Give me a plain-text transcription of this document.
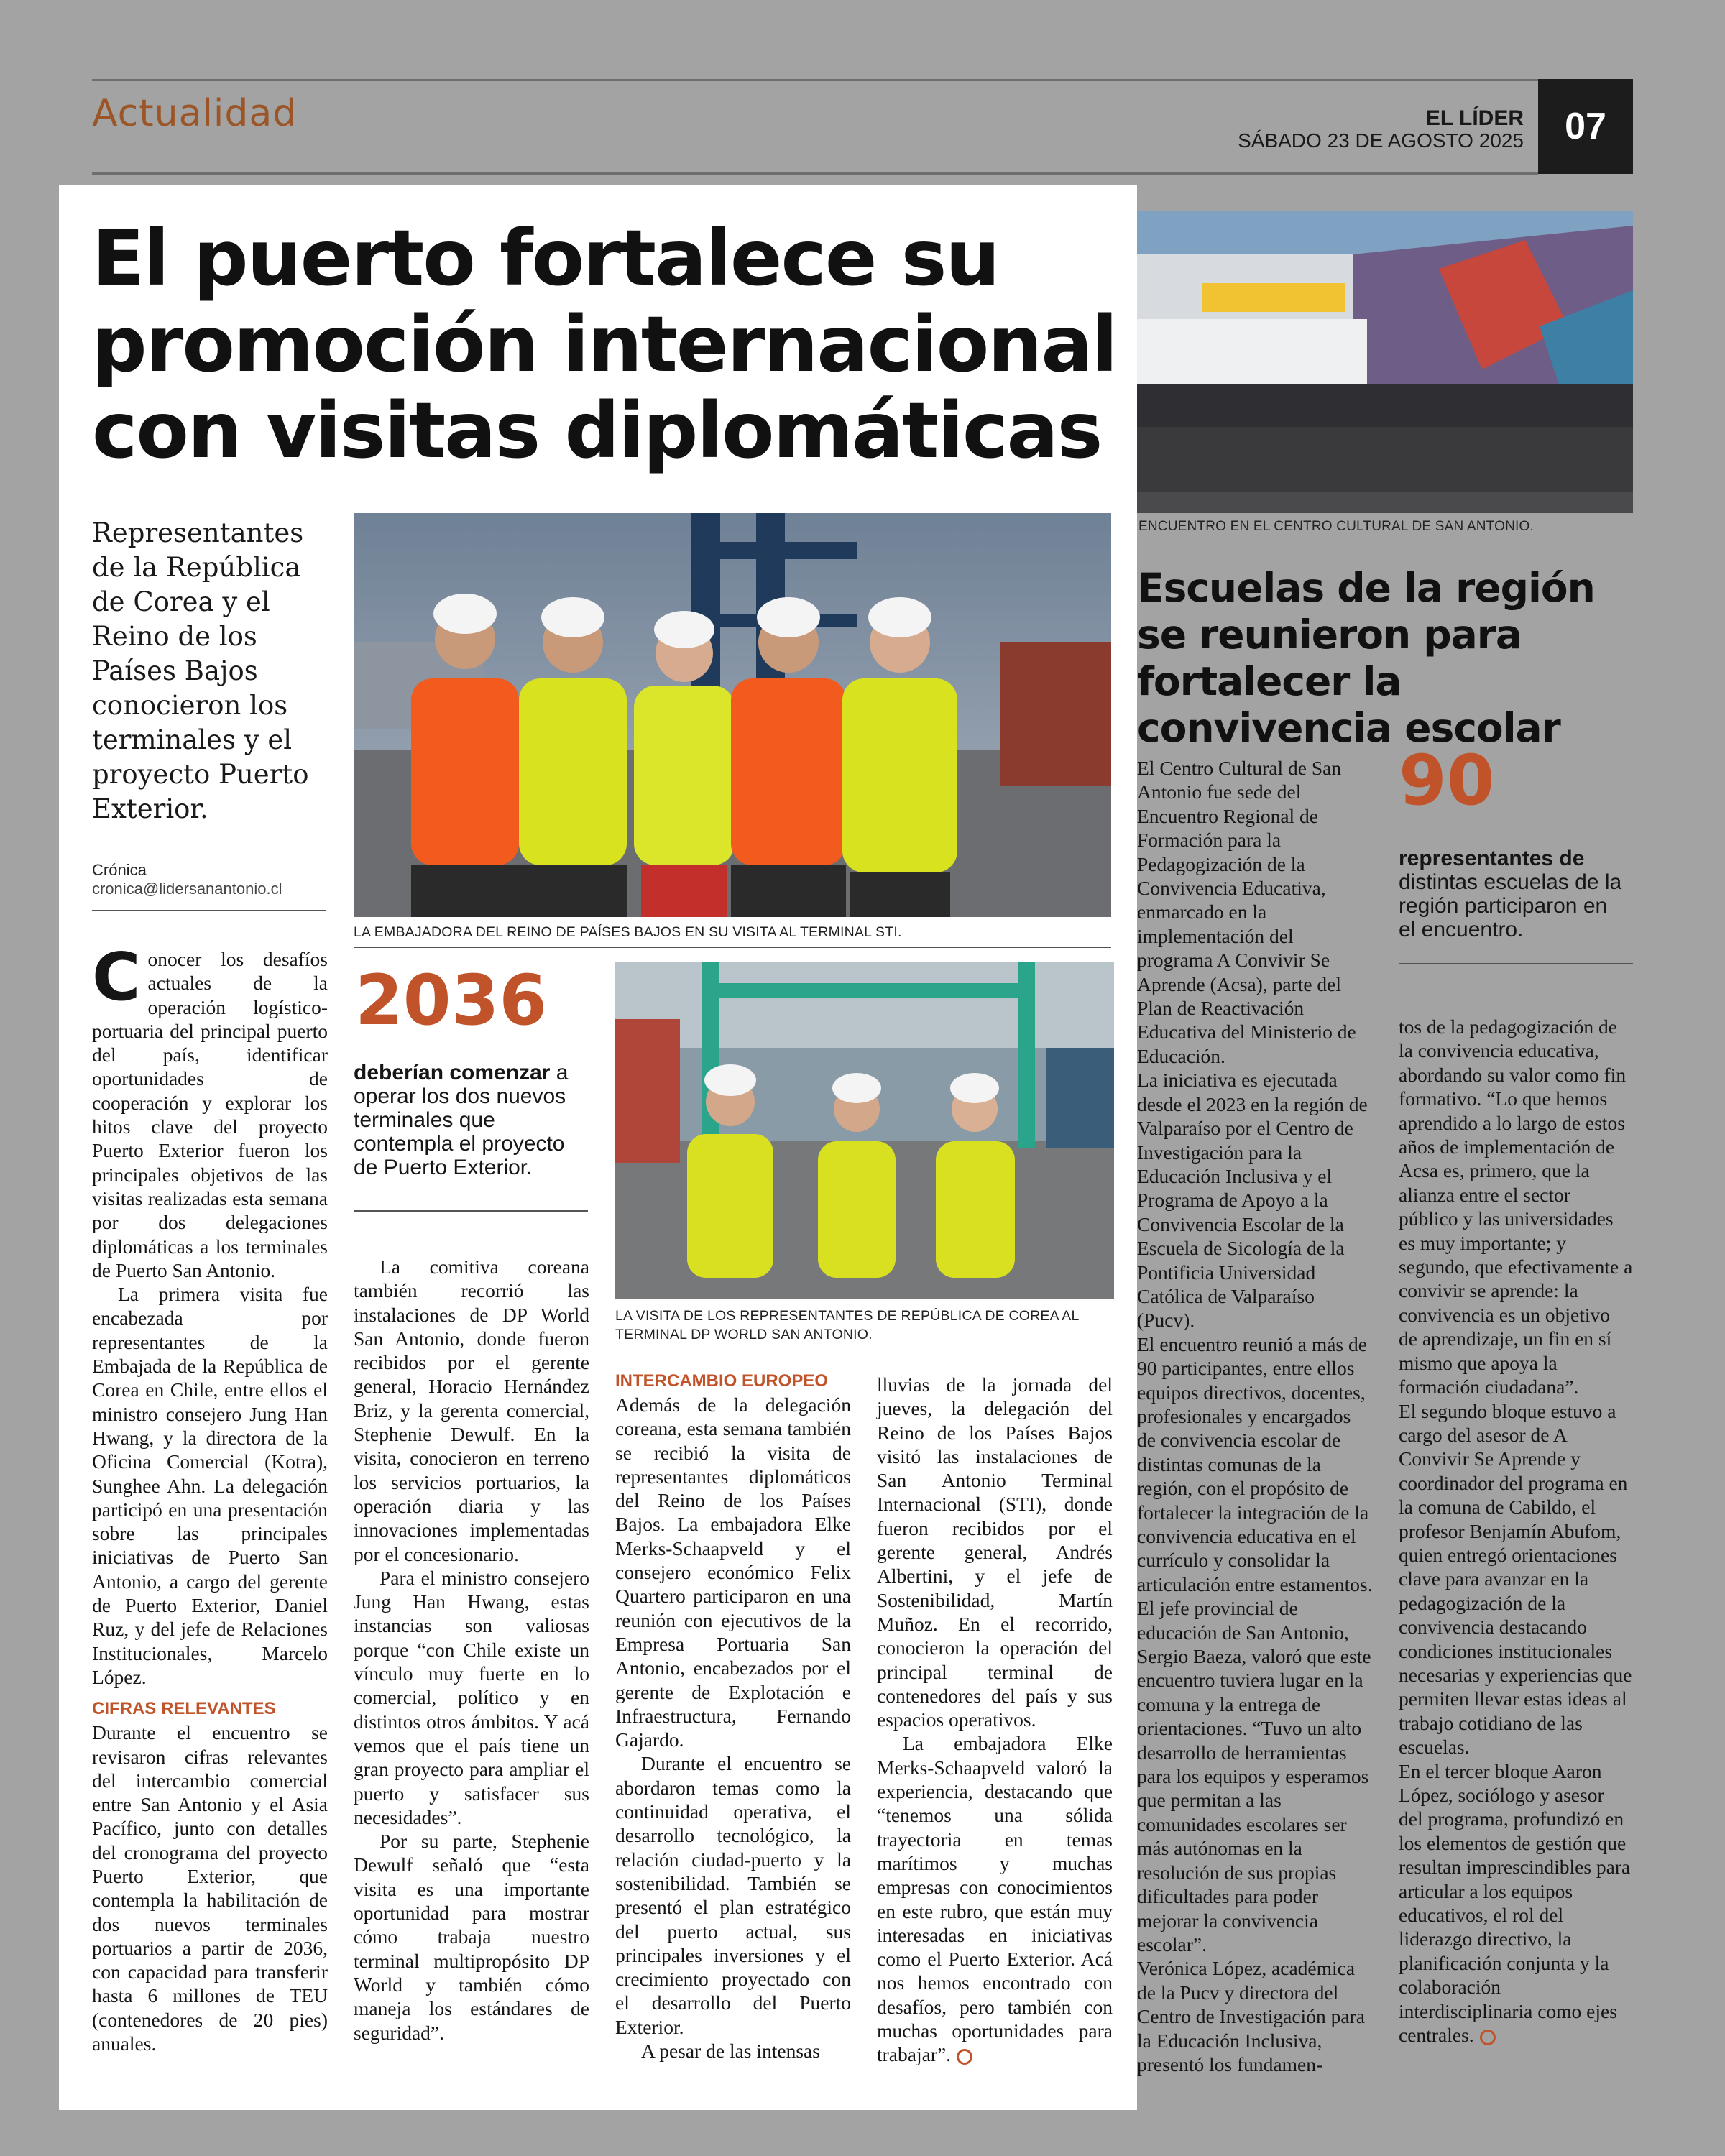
Actualidad	EL LÍDER
SÁBADO 23 DE AGOSTO 2025	07
El puerto fortalece su promoción internacional con visitas diplomáticas
Representantes de la República de Corea y el Reino de los Países Bajos conocieron los terminales y el proyecto Puerto Exterior.
Crónica
cronica@lidersanantonio.cl
LA EMBAJADORA DEL REINO DE PAÍSES BAJOS EN SU VISITA AL TERMINAL STI.

Conocer los desafíos actuales de la operación logístico-portuaria del principal puerto del país, identificar oportunidades de cooperación y explorar los hitos clave del proyecto Puerto Exterior fueron los principales objetivos de las visitas realizadas esta semana por dos delegaciones diplomáticas a los terminales de Puerto San Antonio.

La primera visita fue encabezada por representantes de la Embajada de la República de Corea en Chile, entre ellos el ministro consejero Jung Han Hwang, y la directora de la Oficina Comercial (Kotra), Sunghee Ahn. La delegación participó en una presentación sobre las principales iniciativas de Puerto San Antonio, a cargo del gerente de Puerto Exterior, Daniel Ruz, y del jefe de Relaciones Institucionales, Marcelo López.

CIFRAS RELEVANTES

Durante el encuentro se revisaron cifras relevantes del intercambio comercial entre San Antonio y el Asia Pacífico, junto con detalles del cronograma del proyecto Puerto Exterior, que contempla la habilitación de dos nuevos terminales portuarios a partir de 2036, con capacidad para transferir hasta 6 millones de TEU (contenedores de 20 pies) anuales.

2036
deberían comenzar a operar los dos nuevos terminales que contempla el proyecto de Puerto Exterior.
LA VISITA DE LOS REPRESENTANTES DE REPÚBLICA DE COREA AL TERMINAL DP WORLD SAN ANTONIO.

La comitiva coreana también recorrió las instalaciones de DP World San Antonio, donde fueron recibidos por el gerente general, Horacio Hernández Briz, y la gerenta comercial, Stephenie Dewulf. En la visita, conocieron en terreno los servicios portuarios, la operación diaria y las innovaciones implementadas por el concesionario.

Para el ministro consejero Jung Han Hwang, estas instancias son valiosas porque “con Chile existe un vínculo muy fuerte en lo comercial, político y en distintos otros ámbitos. Y acá vemos que el país tiene un gran proyecto para ampliar el puerto y satisfacer sus necesidades”.

Por su parte, Stephenie Dewulf señaló que “esta visita es una importante oportunidad para mostrar cómo trabaja nuestro terminal multipropósito DP World y también cómo maneja los estándares de seguridad”.

INTERCAMBIO EUROPEO

Además de la delegación coreana, esta semana también se recibió la visita de representantes diplomáticos del Reino de los Países Bajos. La embajadora Elke Merks-Schaapveld y el consejero económico Felix Quartero participaron en una reunión con ejecutivos de la Empresa Portuaria San Antonio, encabezados por el gerente de Explotación e Infraestructura, Fernando Gajardo.

Durante el encuentro se abordaron temas como la continuidad operativa, el desarrollo tecnológico, la relación ciudad-puerto y la sostenibilidad. También se presentó el plan estratégico del puerto actual, sus principales inversiones y el crecimiento proyectado con el desarrollo del Puerto Exterior.

A pesar de las intensas

lluvias de la jornada del jueves, la delegación del Reino de los Países Bajos visitó las instalaciones de San Antonio Terminal Internacional (STI), donde fueron recibidos por el gerente general, Andrés Albertini, y el jefe de Sostenibilidad, Martín Muñoz. En el recorrido, conocieron la operación del principal terminal de contenedores del país y sus espacios operativos.

La embajadora Elke Merks-Schaapveld valoró la experiencia, destacando que “tenemos una sólida trayectoria en temas marítimos y muchas empresas con conocimientos en este rubro, que están muy interesadas en iniciativas como el Puerto Exterior. Acá nos hemos encontrado con desafíos, pero también con muchas oportunidades para trabajar”.

ENCUENTRO EN EL CENTRO CULTURAL DE SAN ANTONIO.
Escuelas de la región se reunieron para fortalecer la convivencia escolar

El Centro Cultural de San Antonio fue sede del Encuentro Regional de Formación para la Pedagogización de la Convivencia Educativa, enmarcado en la implementación del programa A Convivir Se Aprende (Acsa), parte del Plan de Reactivación Educativa del Ministerio de Educación.

La iniciativa es ejecutada desde el 2023 en la región de Valparaíso por el Centro de Investigación para la Educación Inclusiva y el Programa de Apoyo a la Convivencia Escolar de la Escuela de Sicología de la Pontificia Universidad Católica de Valparaíso (Pucv).

El encuentro reunió a más de 90 participantes, entre ellos equipos directivos, docentes, profesionales y encargados de convivencia escolar de distintas comunas de la región, con el propósito de fortalecer la integración de la convivencia educativa en el currículo y consolidar la articulación entre estamentos.

El jefe provincial de educación de San Antonio, Sergio Baeza, valoró que este encuentro tuviera lugar en la comuna y la entrega de orientaciones. “Tuvo un alto desarrollo de herramientas para los equipos y esperamos que permitan a las comunidades escolares ser más autónomas en la resolución de sus propias dificultades para poder mejorar la convivencia escolar”.

Verónica López, académica de la Pucv y directora del Centro de Investigación para la Educación Inclusiva, presentó los fundamen-

90
representantes de distintas escuelas de la región participaron en el encuentro.

tos de la pedagogización de la convivencia educativa, abordando su valor como fin formativo. “Lo que hemos aprendido a lo largo de estos años de implementación de Acsa es, primero, que la alianza entre el sector público y las universidades es muy importante; y segundo, que efectivamente a convivir se aprende: la convivencia es un objetivo de aprendizaje, un fin en sí mismo que apoya la formación ciudadana”.

El segundo bloque estuvo a cargo del asesor de A Convivir Se Aprende y coordinador del programa en la comuna de Cabildo, el profesor Benjamín Abufom, quien entregó orientaciones clave para avanzar en la pedagogización de la convivencia destacando condiciones institucionales necesarias y experiencias que permiten llevar estas ideas al trabajo cotidiano de las escuelas.

En el tercer bloque Aaron López, sociólogo y asesor del programa, profundizó en los elementos de gestión que resultan imprescindibles para articular a los equipos educativos, el rol del liderazgo directivo, la planificación conjunta y la colaboración interdisciplinaria como ejes centrales.
